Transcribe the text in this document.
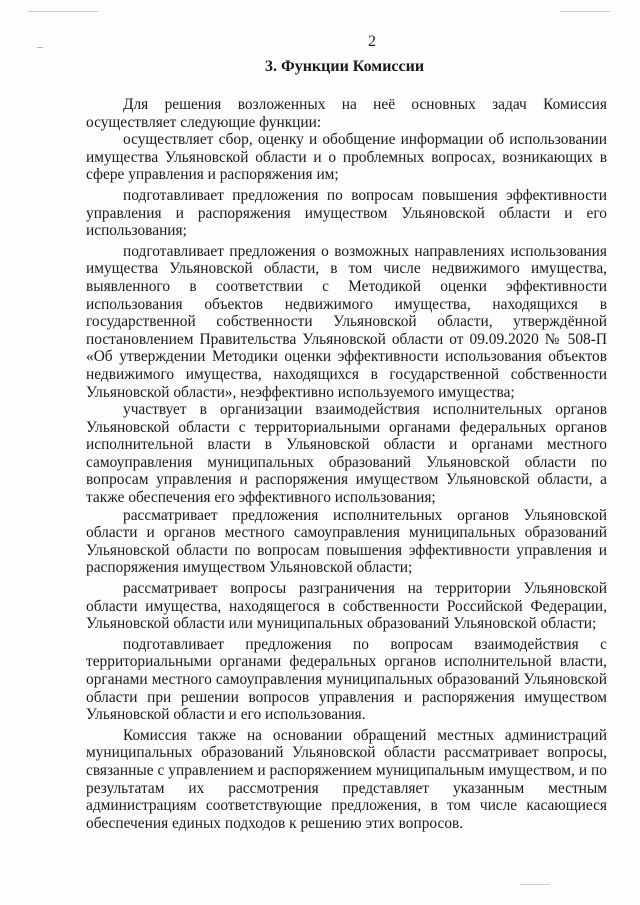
2
3. Функции Комиссии

Для решения возложенных на неё основных задач Комиссия осуществляет следующие функции:

осуществляет сбор, оценку и обобщение информации об использовании имущества Ульяновской области и о проблемных вопросах, возникающих в сфере управления и распоряжения им;

подготавливает предложения по вопросам повышения эффективности управления и распоряжения имуществом Ульяновской области и его использования;

подготавливает предложения о возможных направлениях использования имущества Ульяновской области, в том числе недвижимого имущества, выявленного в соответствии с Методикой оценки эффективности использования объектов недвижимого имущества, находящихся в государственной собственности Ульяновской области, утверждённой постановлением Правительства Ульяновской области от 09.09.2020 № 508-П «Об утверждении Методики оценки эффективности использования объектов недвижимого имущества, находящихся в государственной собственности Ульяновской области», неэффективно используемого имущества;

участвует в организации взаимодействия исполнительных органов Ульяновской области с территориальными органами федеральных органов исполнительной власти в Ульяновской области и органами местного самоуправления муниципальных образований Ульяновской области по вопросам управления и распоряжения имуществом Ульяновской области, а также обеспечения его эффективного использования;

рассматривает предложения исполнительных органов Ульяновской области и органов местного самоуправления муниципальных образований Ульяновской области по вопросам повышения эффективности управления и распоряжения имуществом Ульяновской области;

рассматривает вопросы разграничения на территории Ульяновской области имущества, находящегося в собственности Российской Федерации, Ульяновской области или муниципальных образований Ульяновской области;

подготавливает предложения по вопросам взаимодействия с территориальными органами федеральных органов исполнительной власти, органами местного самоуправления муниципальных образований Ульяновской области при решении вопросов управления и распоряжения имуществом Ульяновской области и его использования.

Комиссия также на основании обращений местных администраций муниципальных образований Ульяновской области рассматривает вопросы, связанные с управлением и распоряжением муниципальным имуществом, и по результатам их рассмотрения представляет указанным местным администрациям соответствующие предложения, в том числе касающиеся обеспечения единых подходов к решению этих вопросов.
